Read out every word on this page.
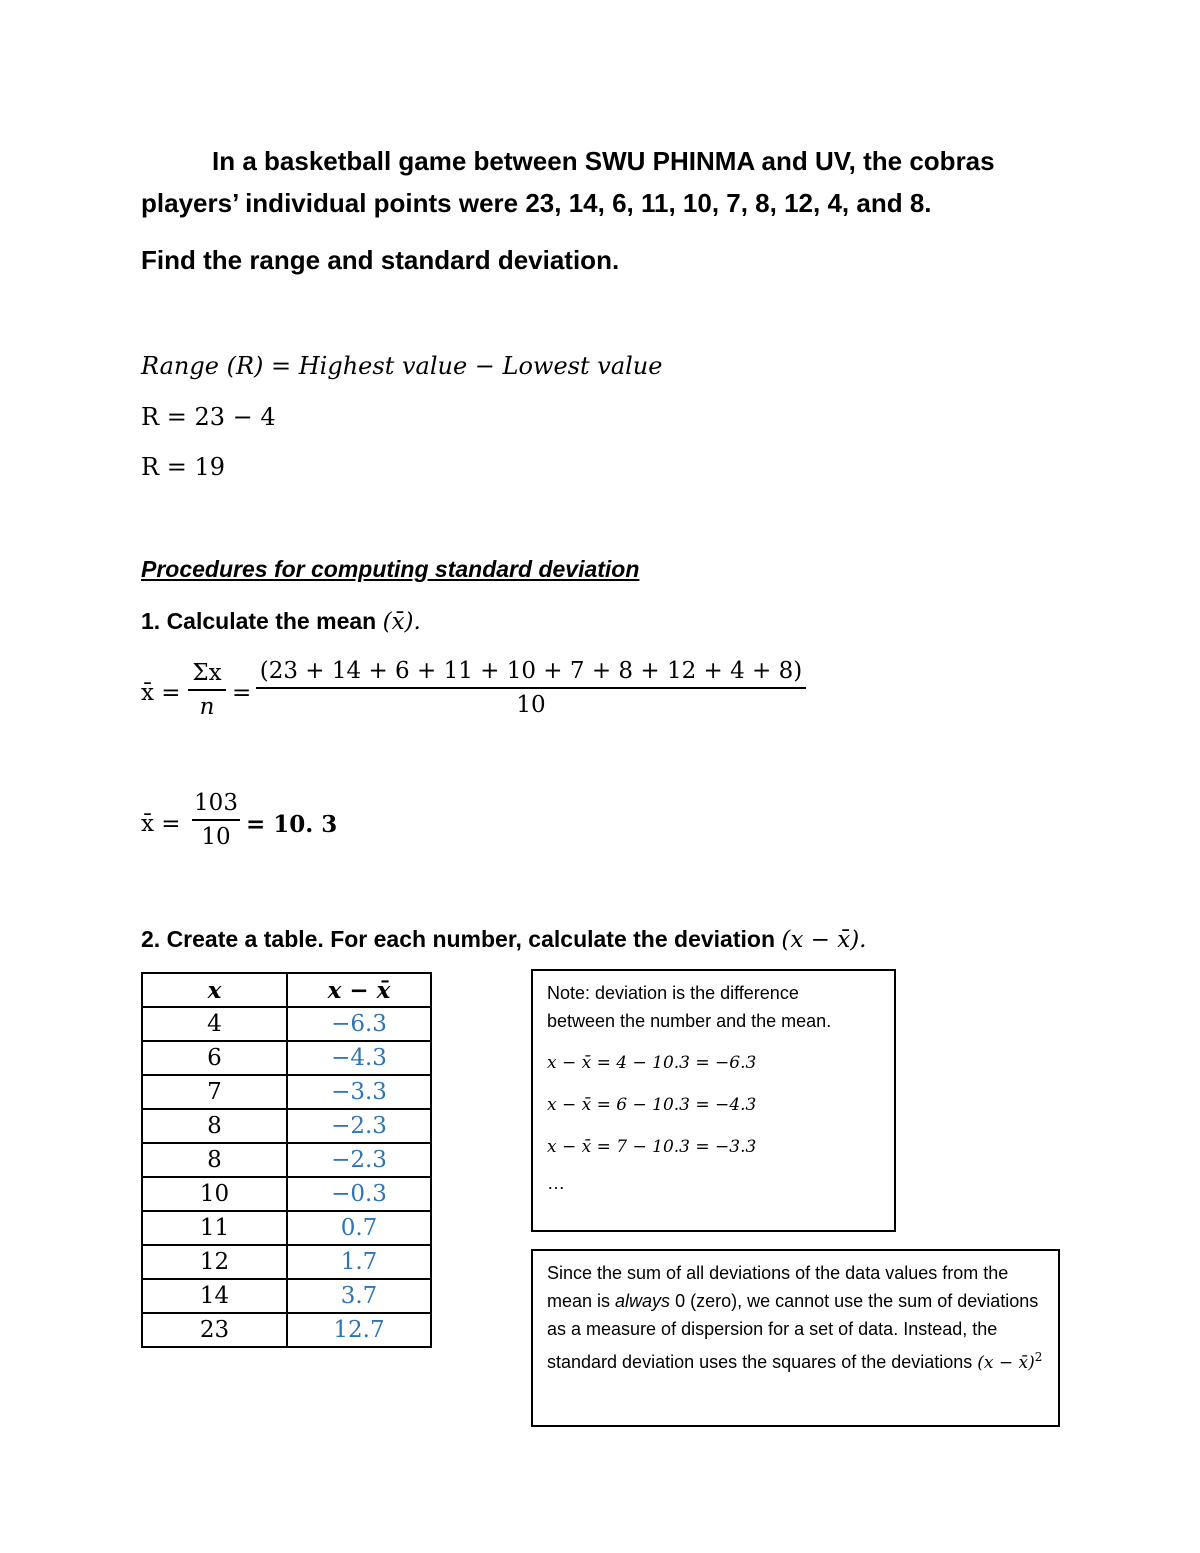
In a basketball game between SWU PHINMA and UV, the cobras
players’ individual points were 23, 14, 6, 11, 10, 7, 8, 12, 4, and 8.
Find the range and standard deviation.
Range (R) = Highest value − Lowest value
R = 23 − 4
R = 19
Procedures for computing standard deviation
1. Calculate the mean (x̄).
x̄ =
Σx
n
=
(23 + 14 + 6 + 11 + 10 + 7 + 8 + 12 + 4 + 8)
10
x̄ =
103
10 = 10. 3
2. Create a table. For each number, calculate the deviation (x − x̄).
x	x − x̄
4	−6.3
6	−4.3
7	−3.3
8	−2.3
8	−2.3
10	−0.3
11	0.7
12	1.7
14	3.7
23	12.7
Note: deviation is the difference
between the number and the mean.
x − x̄ = 4 − 10.3 = −6.3
x − x̄ = 6 − 10.3 = −4.3
x − x̄ = 7 − 10.3 = −3.3
…
Since the sum of all deviations of the data values from the mean is always 0 (zero), we cannot use the sum of deviations as a measure of dispersion for a set of data. Instead, the standard deviation uses the squares of the deviations (x − x̄)$^2$
